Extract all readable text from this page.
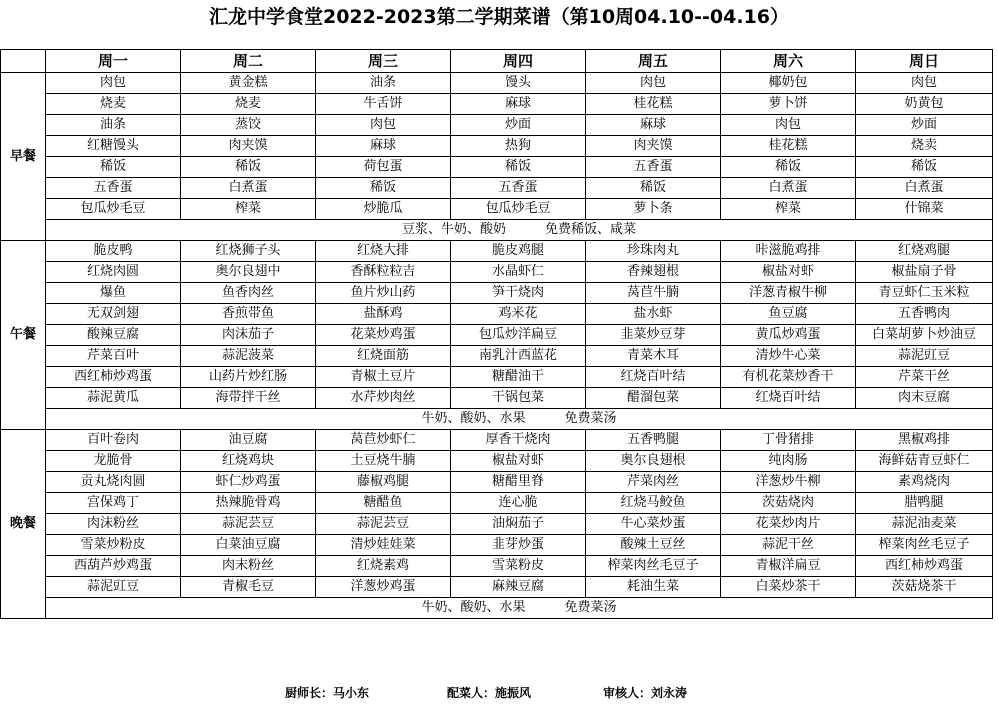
汇龙中学食堂2022-2023第二学期菜谱（第10周04.10--04.16）
	周一	周二	周三	周四	周五	周六	周日
早餐	肉包	黄金糕	油条	馒头	肉包	椰奶包	肉包
	烧麦	烧麦	牛舌饼	麻球	桂花糕	萝卜饼	奶黄包
	油条	蒸饺	肉包	炒面	麻球	肉包	炒面
	红糖馒头	肉夹馍	麻球	热狗	肉夹馍	桂花糕	烧卖
	稀饭	稀饭	荷包蛋	稀饭	五香蛋	稀饭	稀饭
	五香蛋	白煮蛋	稀饭	五香蛋	稀饭	白煮蛋	白煮蛋
	包瓜炒毛豆	榨菜	炒脆瓜	包瓜炒毛豆	萝卜条	榨菜	什锦菜
	豆浆、牛奶、酸奶　　　免费稀饭、咸菜						
午餐	脆皮鸭	红烧狮子头	红烧大排	脆皮鸡腿	珍珠肉丸	咔滋脆鸡排	红烧鸡腿
	红烧肉圆	奥尔良翅中	香酥粒粒吉	水晶虾仁	香辣翅根	椒盐对虾	椒盐扇子骨
	爆鱼	鱼香肉丝	鱼片炒山药	笋干烧肉	莴苣牛腩	洋葱青椒牛柳	青豆虾仁玉米粒
	无双剑翅	香煎带鱼	盐酥鸡	鸡米花	盐水虾	鱼豆腐	五香鸭肉
	酸辣豆腐	肉沫茄子	花菜炒鸡蛋	包瓜炒洋扁豆	韭菜炒豆芽	黄瓜炒鸡蛋	白菜胡萝卜炒油豆
	芹菜百叶	蒜泥菠菜	红烧面筋	南乳汁西蓝花	青菜木耳	清炒牛心菜	蒜泥豇豆
	西红柿炒鸡蛋	山药片炒红肠	青椒土豆片	糖醋油干	红烧百叶结	有机花菜炒香干	芹菜干丝
	蒜泥黄瓜	海带拌干丝	水芹炒肉丝	干锅包菜	醋溜包菜	红烧百叶结	肉末豆腐
	牛奶、酸奶、水果　　　免费菜汤						
晚餐	百叶卷肉	油豆腐	莴苣炒虾仁	厚香干烧肉	五香鸭腿	丁骨猪排	黑椒鸡排
	龙脆骨	红烧鸡块	土豆烧牛腩	椒盐对虾	奥尔良翅根	纯肉肠	海鲜菇青豆虾仁
	贡丸烧肉圆	虾仁炒鸡蛋	藤椒鸡腿	糖醋里脊	芹菜肉丝	洋葱炒牛柳	素鸡烧肉
	宫保鸡丁	热辣脆骨鸡	糖醋鱼	连心脆	红烧马鲛鱼	茨菇烧肉	腊鸭腿
	肉沫粉丝	蒜泥芸豆	蒜泥芸豆	油焖茄子	牛心菜炒蛋	花菜炒肉片	蒜泥油麦菜
	雪菜炒粉皮	白菜油豆腐	清炒娃娃菜	韭芽炒蛋	酸辣土豆丝	蒜泥干丝	榨菜肉丝毛豆子
	西葫芦炒鸡蛋	肉末粉丝	红烧素鸡	雪菜粉皮	榨菜肉丝毛豆子	青椒洋扁豆	西红柿炒鸡蛋
	蒜泥豇豆	青椒毛豆	洋葱炒鸡蛋	麻辣豆腐	耗油生菜	白菜炒茶干	茨菇烧茶干
	牛奶、酸奶、水果　　　免费菜汤						
厨师长：马小东	配菜人：施振风	审核人：刘永涛
